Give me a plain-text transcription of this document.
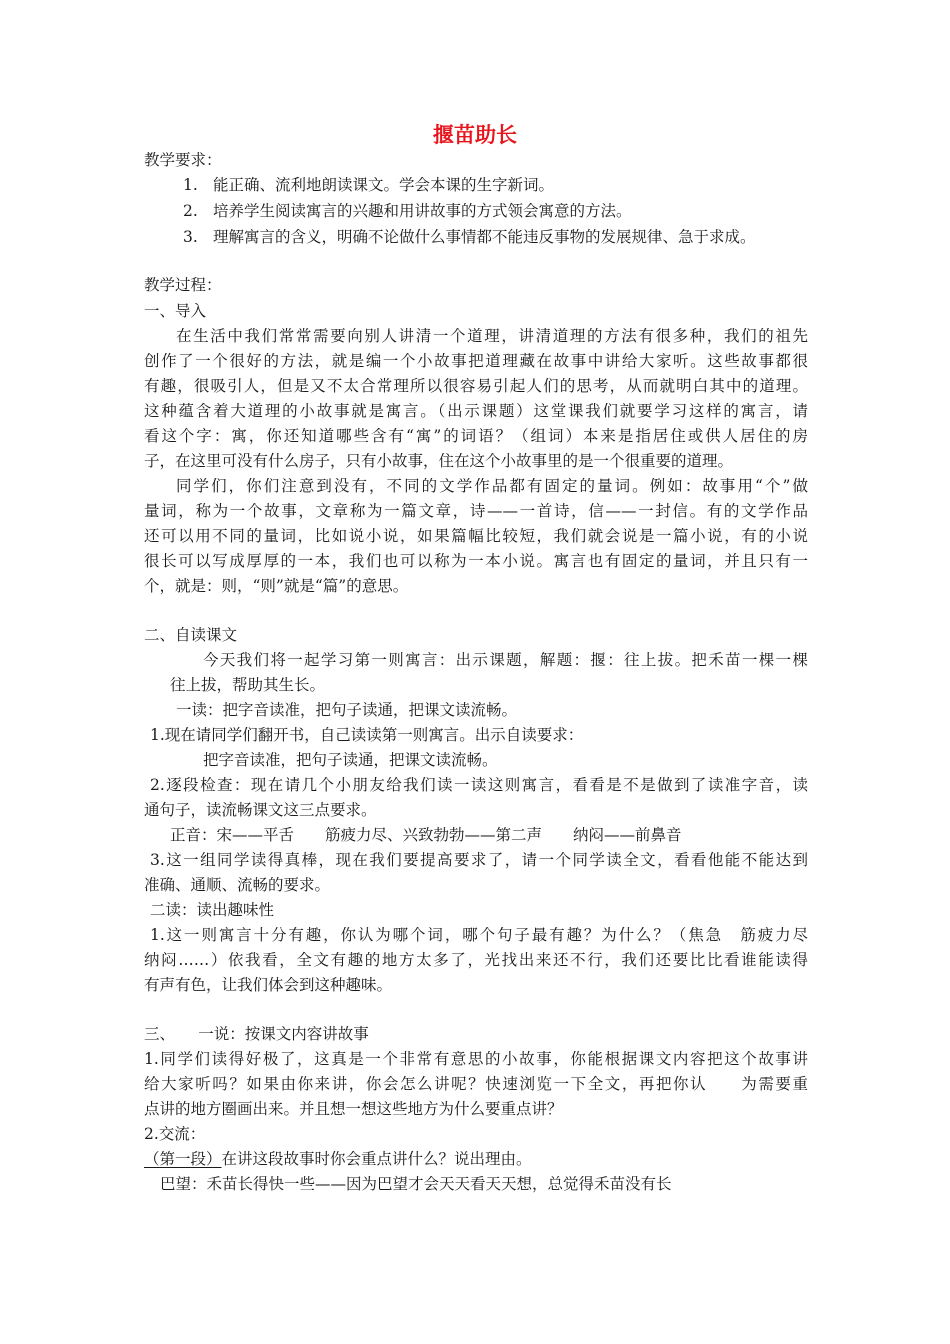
揠苗助长
教学要求：
1. 能正确、流利地朗读课文。学会本课的生字新词。
2. 培养学生阅读寓言的兴趣和用讲故事的方式领会寓意的方法。
3. 理解寓言的含义，明确不论做什么事情都不能违反事物的发展规律、急于求成。
教学过程：
一、导入
在生活中我们常常需要向别人讲清一个道理，讲清道理的方法有很多种，我们的祖先
创作了一个很好的方法，就是编一个小故事把道理藏在故事中讲给大家听。这些故事都很
有趣，很吸引人，但是又不太合常理所以很容易引起人们的思考，从而就明白其中的道理。
这种蕴含着大道理的小故事就是寓言。（出示课题）这堂课我们就要学习这样的寓言，请
看这个字：寓，你还知道哪些含有“寓”的词语？（组词）本来是指居住或供人居住的房
子，在这里可没有什么房子，只有小故事，住在这个小故事里的是一个很重要的道理。
同学们，你们注意到没有，不同的文学作品都有固定的量词。例如：故事用“个”做
量词，称为一个故事，文章称为一篇文章，诗——一首诗，信——一封信。有的文学作品
还可以用不同的量词，比如说小说，如果篇幅比较短，我们就会说是一篇小说，有的小说
很长可以写成厚厚的一本，我们也可以称为一本小说。寓言也有固定的量词，并且只有一
个，就是：则，“则”就是“篇”的意思。
二、自读课文
今天我们将一起学习第一则寓言：出示课题，解题：揠：往上拔。把禾苗一棵一棵
往上拔，帮助其生长。
一读：把字音读准，把句子读通，把课文读流畅。
1.现在请同学们翻开书，自己读读第一则寓言。出示自读要求：
把字音读准，把句子读通，把课文读流畅。
2.逐段检查：现在请几个小朋友给我们读一读这则寓言，看看是不是做到了读准字音，读
通句子，读流畅课文这三点要求。
正音：宋——平舌　　筋疲力尽、兴致勃勃——第二声　　纳闷——前鼻音
3.这一组同学读得真棒，现在我们要提高要求了，请一个同学读全文，看看他能不能达到
准确、通顺、流畅的要求。
二读：读出趣味性
1.这一则寓言十分有趣，你认为哪个词，哪个句子最有趣？为什么？（焦急　筋疲力尽
纳闷……）依我看，全文有趣的地方太多了，光找出来还不行，我们还要比比看谁能读得
有声有色，让我们体会到这种趣味。
三、　　一说：按课文内容讲故事
1.同学们读得好极了，这真是一个非常有意思的小故事，你能根据课文内容把这个故事讲
给大家听吗？如果由你来讲，你会怎么讲呢？快速浏览一下全文，再把你认　　为需要重
点讲的地方圈画出来。并且想一想这些地方为什么要重点讲？
2.交流：
（第一段）在讲这段故事时你会重点讲什么？说出理由。
巴望：禾苗长得快一些——因为巴望才会天天看天天想，总觉得禾苗没有长
